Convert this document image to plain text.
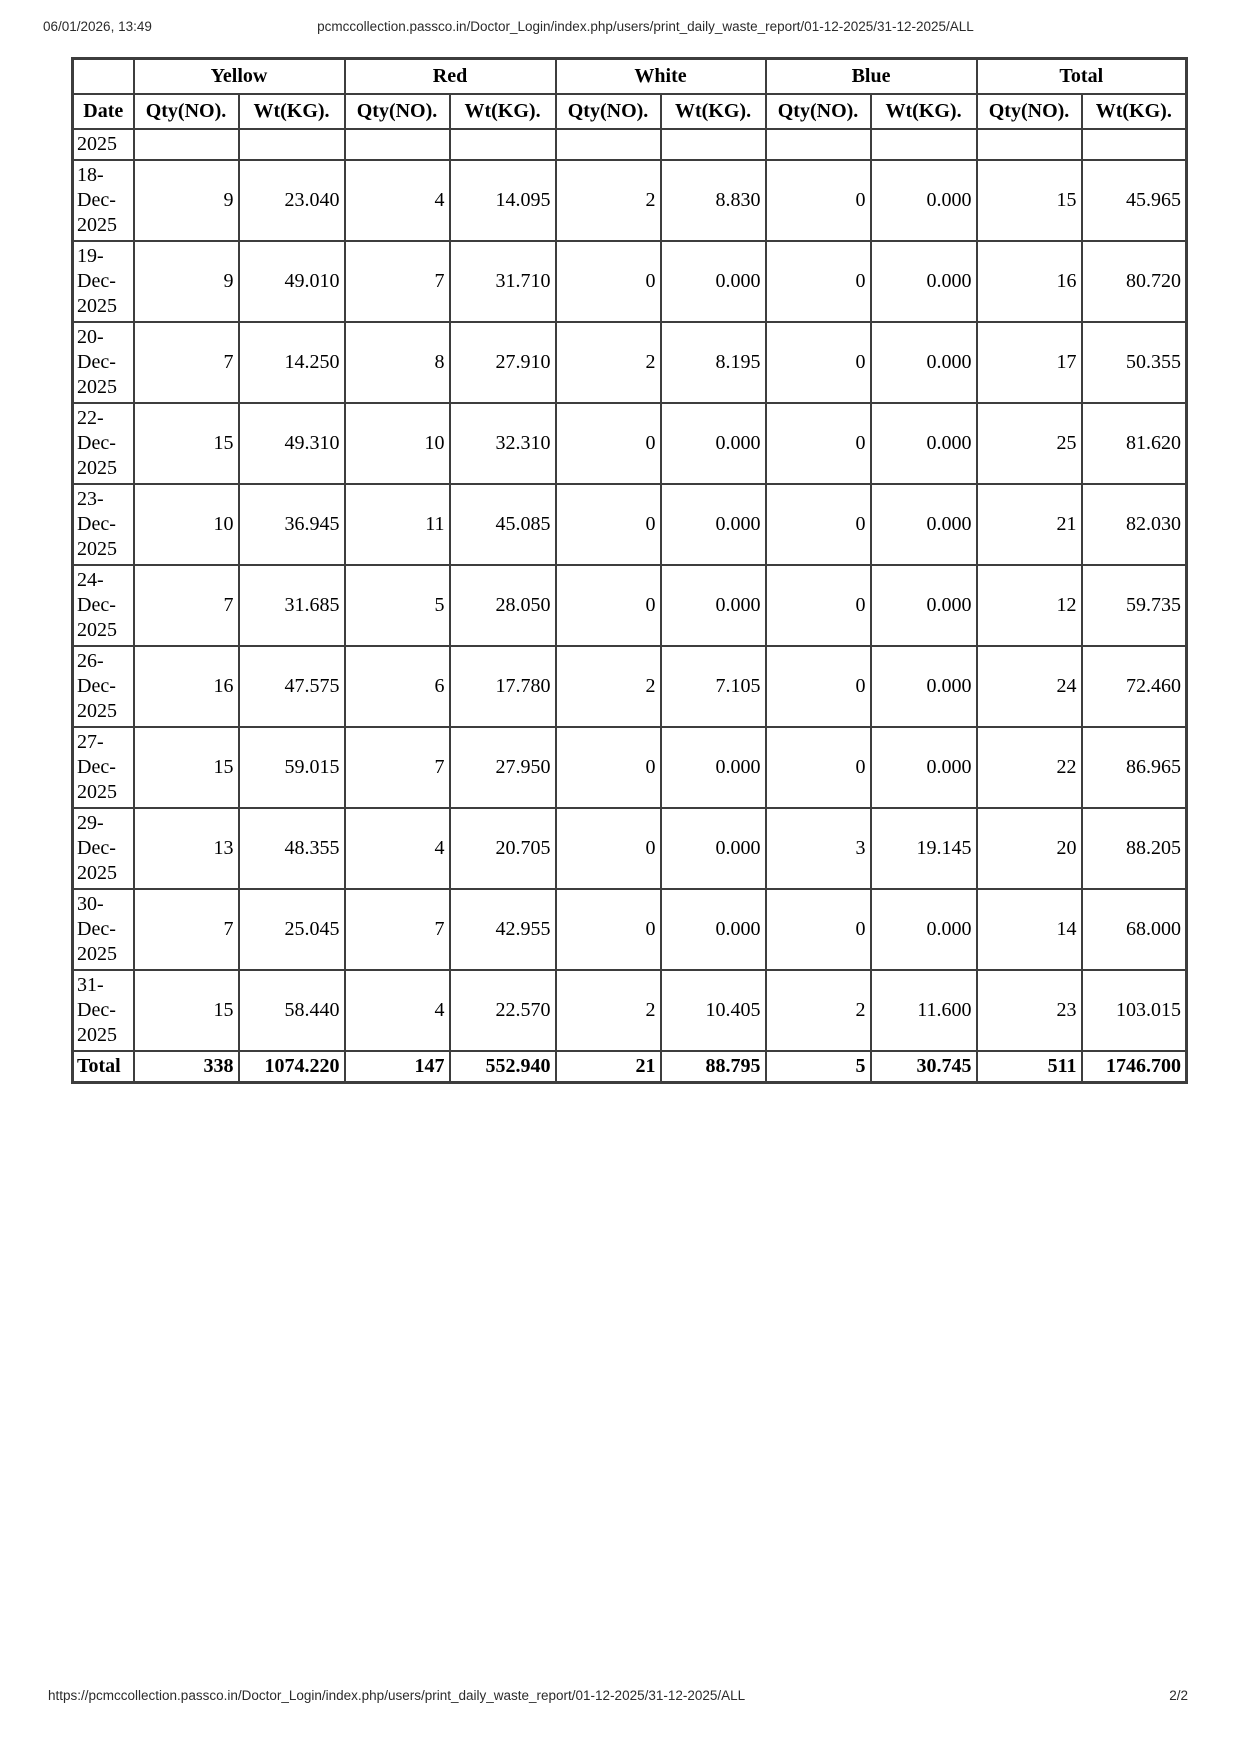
06/01/2026, 13:49	pcmccollection.passco.in/Doctor_Login/index.php/users/print_daily_waste_report/01-12-2025/31-12-2025/ALL
	Yellow		Red		White		Blue		Total	
Date	Qty(NO).	Wt(KG).	Qty(NO).	Wt(KG).	Qty(NO).	Wt(KG).	Qty(NO).	Wt(KG).	Qty(NO).	Wt(KG).
2025										
18-Dec-2025	9	23.040	4	14.095	2	8.830	0	0.000	15	45.965
19-Dec-2025	9	49.010	7	31.710	0	0.000	0	0.000	16	80.720
20-Dec-2025	7	14.250	8	27.910	2	8.195	0	0.000	17	50.355
22-Dec-2025	15	49.310	10	32.310	0	0.000	0	0.000	25	81.620
23-Dec-2025	10	36.945	11	45.085	0	0.000	0	0.000	21	82.030
24-Dec-2025	7	31.685	5	28.050	0	0.000	0	0.000	12	59.735
26-Dec-2025	16	47.575	6	17.780	2	7.105	0	0.000	24	72.460
27-Dec-2025	15	59.015	7	27.950	0	0.000	0	0.000	22	86.965
29-Dec-2025	13	48.355	4	20.705	0	0.000	3	19.145	20	88.205
30-Dec-2025	7	25.045	7	42.955	0	0.000	0	0.000	14	68.000
31-Dec-2025	15	58.440	4	22.570	2	10.405	2	11.600	23	103.015
Total	338	1074.220	147	552.940	21	88.795	5	30.745	511	1746.700
https://pcmccollection.passco.in/Doctor_Login/index.php/users/print_daily_waste_report/01-12-2025/31-12-2025/ALL	2/2
